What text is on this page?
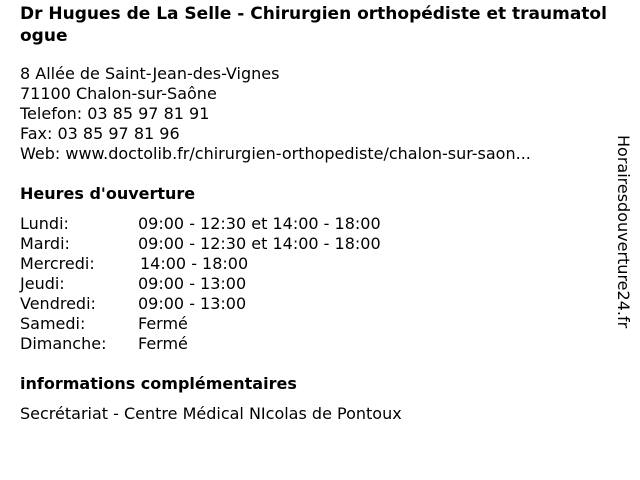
Dr Hugues de La Selle - Chirurgien orthopédiste et traumatologue
8 Allée de Saint-Jean-des-Vignes
71100 Chalon-sur-Saône
Telefon: 03 85 97 81 91
Fax: 03 85 97 81 96
Web: www.doctolib.fr/chirurgien-orthopediste/chalon-sur-saon...
Heures d'ouverture
Lundi:	09:00 - 12:30 et 14:00 - 18:00
Mardi:	09:00 - 12:30 et 14:00 - 18:00
Mercredi:	14:00 - 18:00
Jeudi:	09:00 - 13:00
Vendredi:	09:00 - 13:00
Samedi:	Fermé
Dimanche: Fermé
informations complémentaires
Secrétariat - Centre Médical NIcolas de Pontoux
Horairesdouverture24.fr
